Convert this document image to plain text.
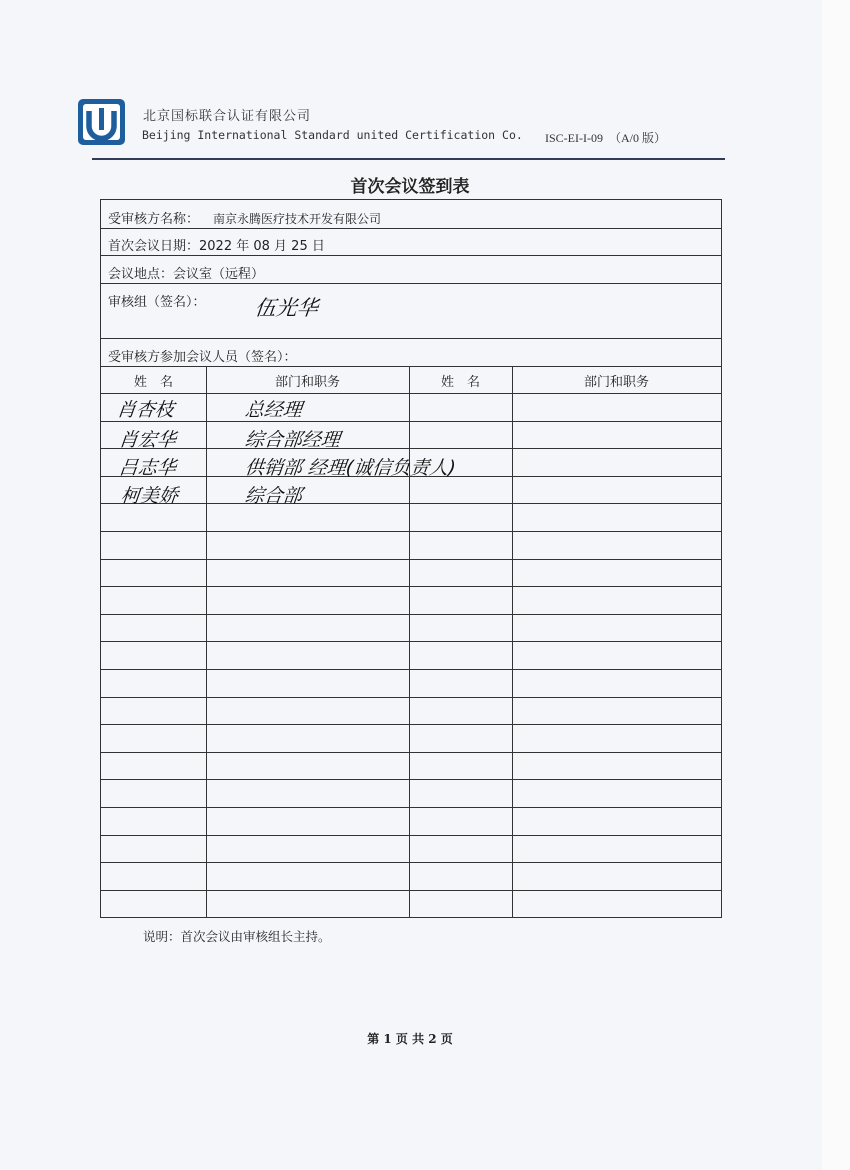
北京国标联合认证有限公司
Beijing International Standard united Certification Co. ISC-EI-I-09　（A/0 版）
首次会议签到表
受审核方名称： 南京永腾医疗技术开发有限公司
首次会议日期：2022 年 08 月 25 日
会议地点：会议室（远程）
审核组（签名）：
受审核方参加会议人员（签名）：
伍光华
姓　名	部门和职务	姓　名	部门和职务
肖杏枝	总经理
肖宏华	综合部经理
吕志华	供销部 经理(诚信负责人)
柯美娇	综合部
说明：首次会议由审核组长主持。
第 1 页 共 2 页
